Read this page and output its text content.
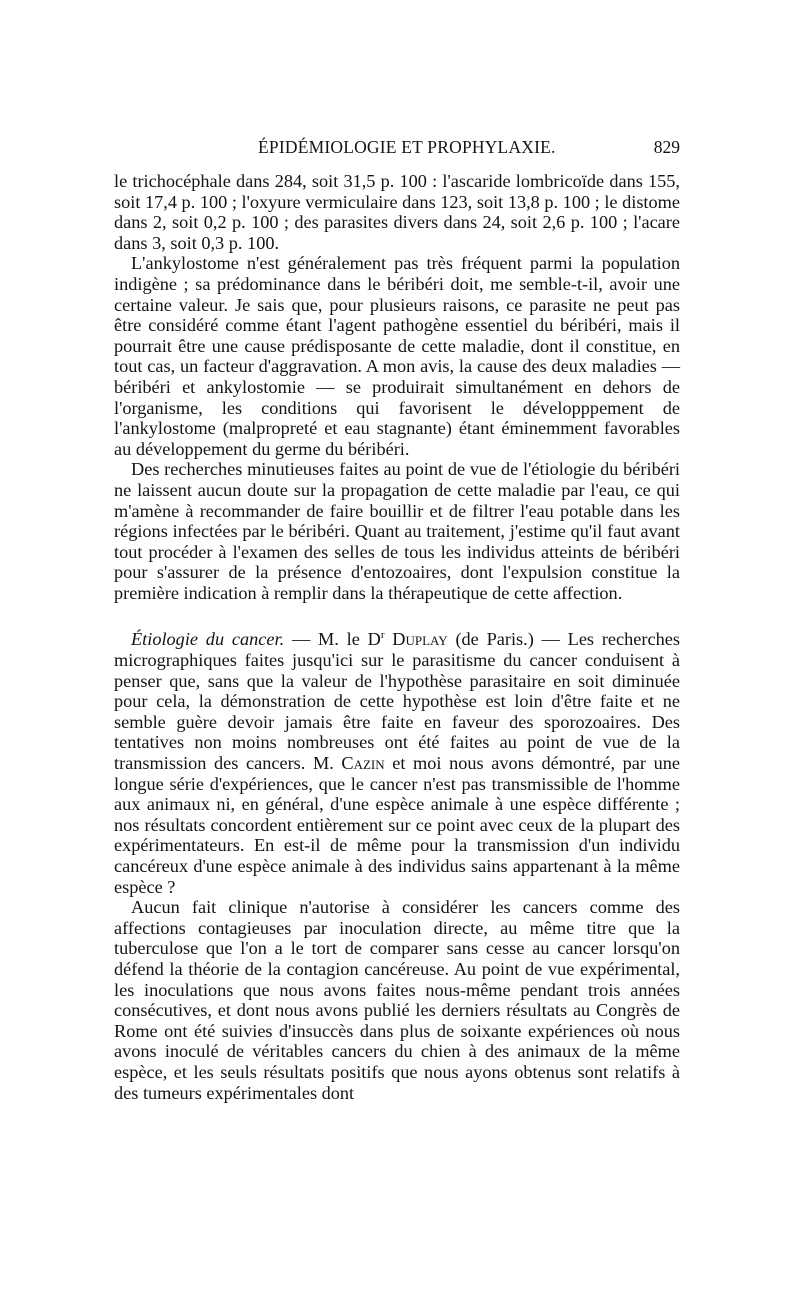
ÉPIDÉMIOLOGIE ET PROPHYLAXIE.	829

le trichocéphale dans 284, soit 31,5 p. 100 : l'ascaride lombricoïde dans 155, soit 17,4 p. 100 ; l'oxyure vermiculaire dans 123, soit 13,8 p. 100 ; le distome dans 2, soit 0,2 p. 100 ; des parasites divers dans 24, soit 2,6 p. 100 ; l'acare dans 3, soit 0,3 p. 100.

L'ankylostome n'est généralement pas très fréquent parmi la population indigène ; sa prédominance dans le béribéri doit, me semble-t-il, avoir une certaine valeur. Je sais que, pour plusieurs raisons, ce parasite ne peut pas être considéré comme étant l'agent pathogène essentiel du béribéri, mais il pourrait être une cause prédisposante de cette maladie, dont il constitue, en tout cas, un facteur d'aggravation. A mon avis, la cause des deux maladies — béribéri et ankylostomie — se produirait simultanément en dehors de l'organisme, les conditions qui favorisent le développpement de l'ankylostome (malpropreté et eau stagnante) étant éminemment favorables au développement du germe du béribéri.

Des recherches minutieuses faites au point de vue de l'étiologie du béribéri ne laissent aucun doute sur la propagation de cette maladie par l'eau, ce qui m'amène à recommander de faire bouillir et de filtrer l'eau potable dans les régions infectées par le béribéri. Quant au traitement, j'estime qu'il faut avant tout procéder à l'examen des selles de tous les individus atteints de béribéri pour s'assurer de la présence d'entozoaires, dont l'expulsion constitue la première indication à remplir dans la thérapeutique de cette affection.

Étiologie du cancer. — M. le $D^r$ Duplay (de Paris.) — Les recherches micrographiques faites jusqu'ici sur le parasitisme du cancer conduisent à penser que, sans que la valeur de l'hypothèse parasitaire en soit diminuée pour cela, la démonstration de cette hypothèse est loin d'être faite et ne semble guère devoir jamais être faite en faveur des sporozoaires. Des tentatives non moins nombreuses ont été faites au point de vue de la transmission des cancers. M. Cazin et moi nous avons démontré, par une longue série d'expériences, que le cancer n'est pas transmissible de l'homme aux animaux ni, en général, d'une espèce animale à une espèce différente ; nos résultats concordent entièrement sur ce point avec ceux de la plupart des expérimentateurs. En est-il de même pour la transmission d'un individu cancéreux d'une espèce animale à des individus sains appartenant à la même espèce ?

Aucun fait clinique n'autorise à considérer les cancers comme des affections contagieuses par inoculation directe, au même titre que la tuberculose que l'on a le tort de comparer sans cesse au cancer lorsqu'on défend la théorie de la contagion cancéreuse. Au point de vue expérimental, les inoculations que nous avons faites nous-même pendant trois années consécutives, et dont nous avons publié les derniers résultats au Congrès de Rome ont été suivies d'insuccès dans plus de soixante expériences où nous avons inoculé de véritables cancers du chien à des animaux de la même espèce, et les seuls résultats positifs que nous ayons obtenus sont relatifs à des tumeurs expérimentales dont
